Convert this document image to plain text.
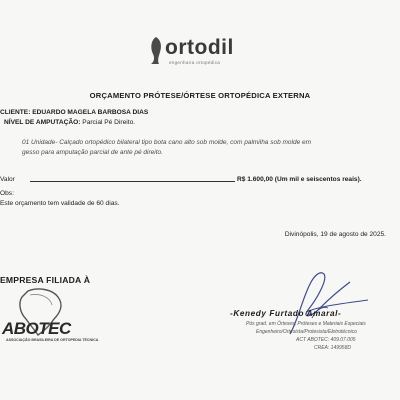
ortodil
engenharia ortopédica
ORÇAMENTO PRÓTESE/ÓRTESE ORTOPÉDICA EXTERNA
CLIENTE: EDUARDO MAGELA BARBOSA DIAS
NÍVEL DE AMPUTAÇÃO: Parcial Pé Direito.
01 Unidade- Calçado ortopédico bilateral tipo bota cano alto sob molde, com palmilha sob molde em
gesso para amputação parcial de ante pé direito.
Valor	R$ 1.600,00 (Um mil e seiscentos reais).
Obs:
Este orçamento tem validade de 60 dias.
Divinópolis, 19 de agosto de 2025.
EMPRESA FILIADA À
ABOTEC
ASSOCIAÇÃO BRASILEIRA DE ORTOPEDIA TÉCNICA
-Kenedy Furtado Amaral-
Pós grad. em Órteses, Próteses e Materiais Especiais
Engenheiro/Ortesista/Protesista/Eletrotécnico
ACT ABOTEC: 409.07.005
CREA: 149958D
